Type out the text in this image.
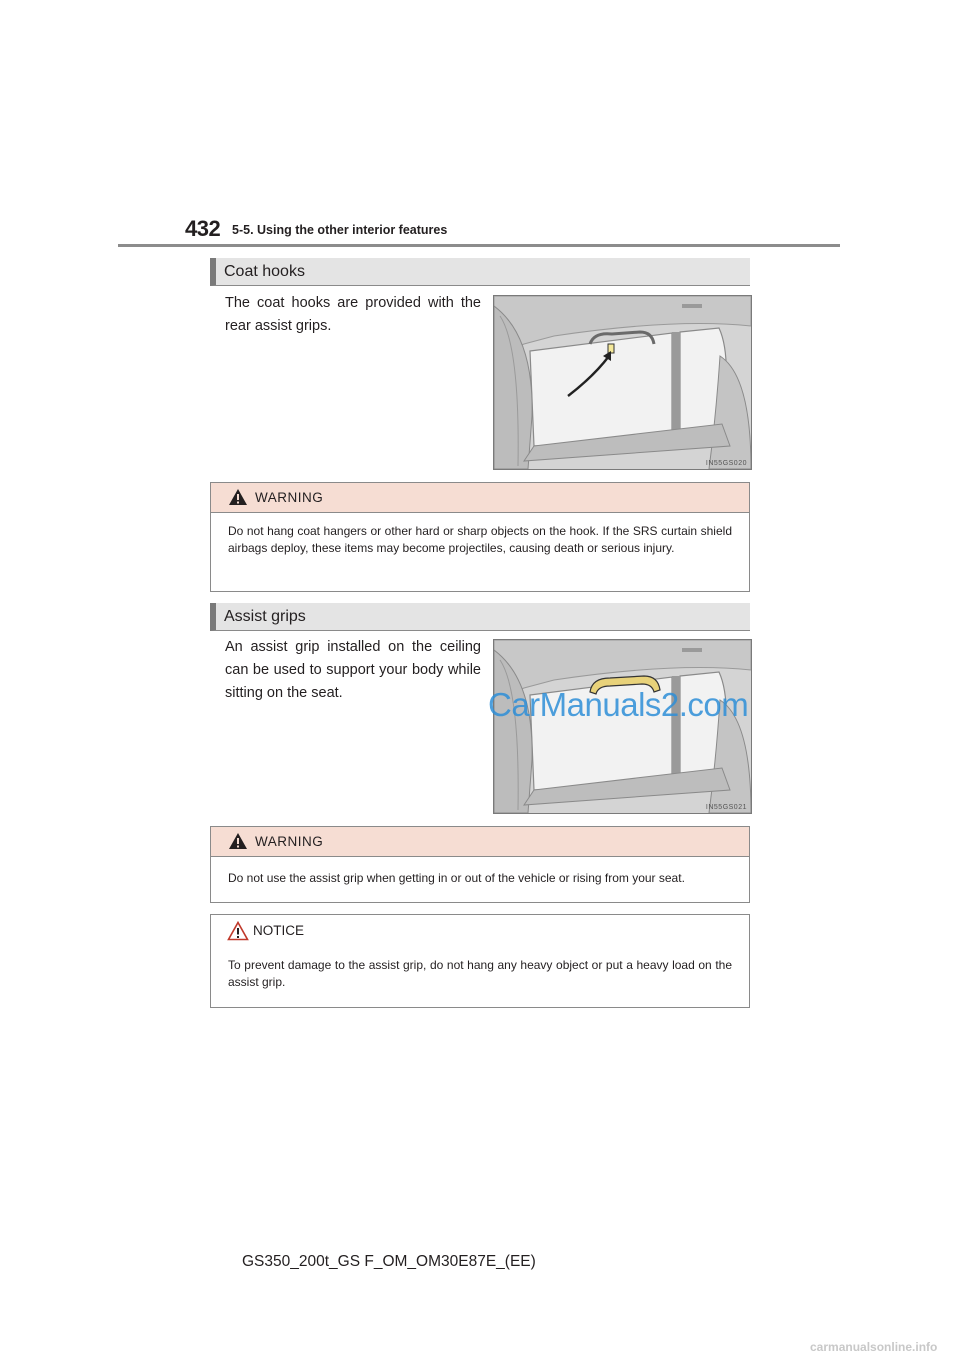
432 5-5. Using the other interior features
Coat hooks
The coat hooks are provided with the rear assist grips.
IN55GS020
WARNING
Do not hang coat hangers or other hard or sharp objects on the hook. If the SRS curtain shield airbags deploy, these items may become projectiles, causing death or serious injury.
Assist grips
An assist grip installed on the ceiling can be used to support your body while sitting on the seat.
IN55GS021
CarManuals2.com
WARNING
Do not use the assist grip when getting in or out of the vehicle or rising from your seat.
NOTICE
To prevent damage to the assist grip, do not hang any heavy object or put a heavy load on the assist grip.
GS350_200t_GS F_OM_OM30E87E_(EE)
carmanualsonline.info
